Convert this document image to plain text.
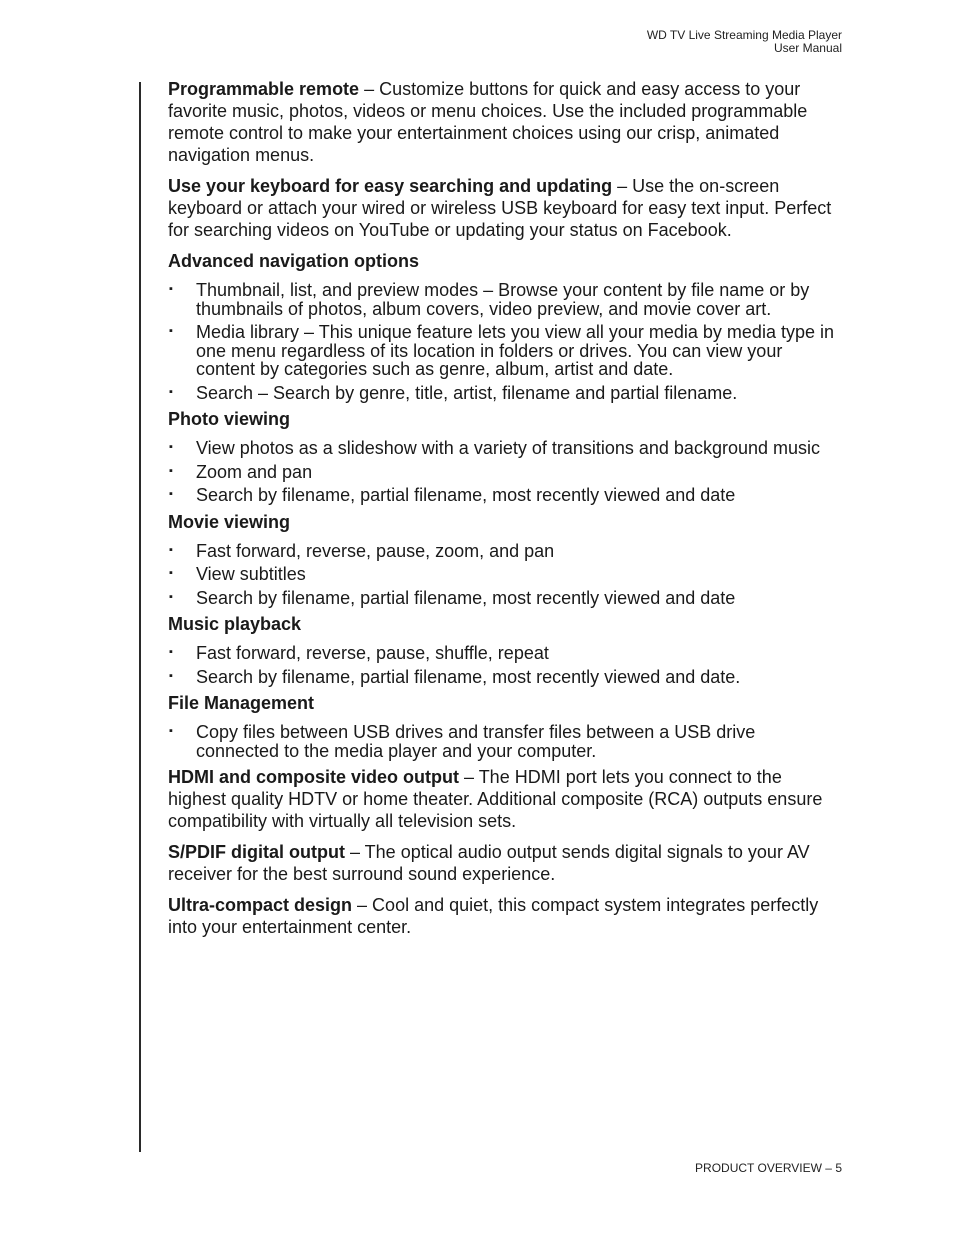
WD TV Live Streaming Media Player
User Manual

Programmable remote – Customize buttons for quick and easy access to your favorite music, photos, videos or menu choices. Use the included programmable remote control to make your entertainment choices using our crisp, animated navigation menus.

Use your keyboard for easy searching and updating – Use the on-screen keyboard or attach your wired or wireless USB keyboard for easy text input. Perfect for searching videos on YouTube or updating your status on Facebook.

Advanced navigation options
▪ Thumbnail, list, and preview modes – Browse your content by file name or by thumbnails of photos, album covers, video preview, and movie cover art.
▪ Media library – This unique feature lets you view all your media by media type in one menu regardless of its location in folders or drives. You can view your content by categories such as genre, album, artist and date.
▪ Search – Search by genre, title, artist, filename and partial filename.
Photo viewing
▪ View photos as a slideshow with a variety of transitions and background music
▪ Zoom and pan
▪ Search by filename, partial filename, most recently viewed and date
Movie viewing
▪ Fast forward, reverse, pause, zoom, and pan
▪ View subtitles
▪ Search by filename, partial filename, most recently viewed and date
Music playback
▪ Fast forward, reverse, pause, shuffle, repeat
▪ Search by filename, partial filename, most recently viewed and date.
File Management
▪ Copy files between USB drives and transfer files between a USB drive connected to the media player and your computer.

HDMI and composite video output – The HDMI port lets you connect to the highest quality HDTV or home theater. Additional composite (RCA) outputs ensure compatibility with virtually all television sets.

S/PDIF digital output – The optical audio output sends digital signals to your AV receiver for the best surround sound experience.

Ultra-compact design – Cool and quiet, this compact system integrates perfectly into your entertainment center.

PRODUCT OVERVIEW – 5
